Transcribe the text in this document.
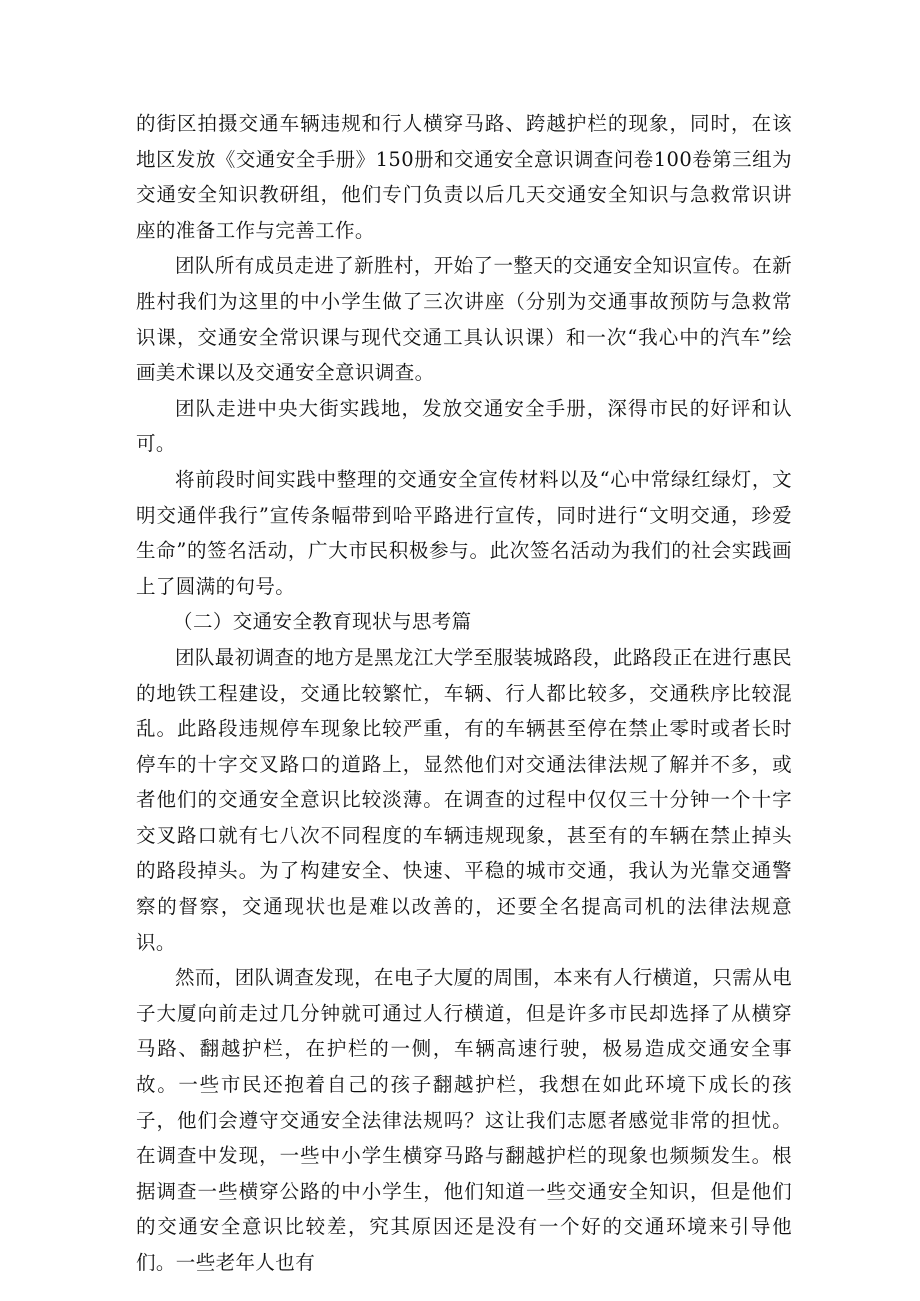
的街区拍摄交通车辆违规和行人横穿马路、跨越护栏的现象，同时，在该地区发放《交通安全手册》150册和交通安全意识调查问卷100卷第三组为交通安全知识教研组，他们专门负责以后几天交通安全知识与急救常识讲座的准备工作与完善工作。

团队所有成员走进了新胜村，开始了一整天的交通安全知识宣传。在新胜村我们为这里的中小学生做了三次讲座（分别为交通事故预防与急救常识课，交通安全常识课与现代交通工具认识课）和一次“我心中的汽车”绘画美术课以及交通安全意识调查。

团队走进中央大街实践地，发放交通安全手册，深得市民的好评和认可。

将前段时间实践中整理的交通安全宣传材料以及“心中常绿红绿灯，文明交通伴我行”宣传条幅带到哈平路进行宣传，同时进行“文明交通，珍爱生命”的签名活动，广大市民积极参与。此次签名活动为我们的社会实践画上了圆满的句号。

（二）交通安全教育现状与思考篇

团队最初调查的地方是黑龙江大学至服装城路段，此路段正在进行惠民的地铁工程建设，交通比较繁忙，车辆、行人都比较多，交通秩序比较混乱。此路段违规停车现象比较严重，有的车辆甚至停在禁止零时或者长时停车的十字交叉路口的道路上，显然他们对交通法律法规了解并不多，或者他们的交通安全意识比较淡薄。在调查的过程中仅仅三十分钟一个十字交叉路口就有七八次不同程度的车辆违规现象，甚至有的车辆在禁止掉头的路段掉头。为了构建安全、快速、平稳的城市交通，我认为光靠交通警察的督察，交通现状也是难以改善的，还要全名提高司机的法律法规意识。

然而，团队调查发现，在电子大厦的周围，本来有人行横道，只需从电子大厦向前走过几分钟就可通过人行横道，但是许多市民却选择了从横穿马路、翻越护栏，在护栏的一侧，车辆高速行驶，极易造成交通安全事故。一些市民还抱着自己的孩子翻越护栏，我想在如此环境下成长的孩子，他们会遵守交通安全法律法规吗？这让我们志愿者感觉非常的担忧。在调查中发现，一些中小学生横穿马路与翻越护栏的现象也频频发生。根据调查一些横穿公路的中小学生，他们知道一些交通安全知识，但是他们的交通安全意识比较差，究其原因还是没有一个好的交通环境来引导他们。一些老年人也有
